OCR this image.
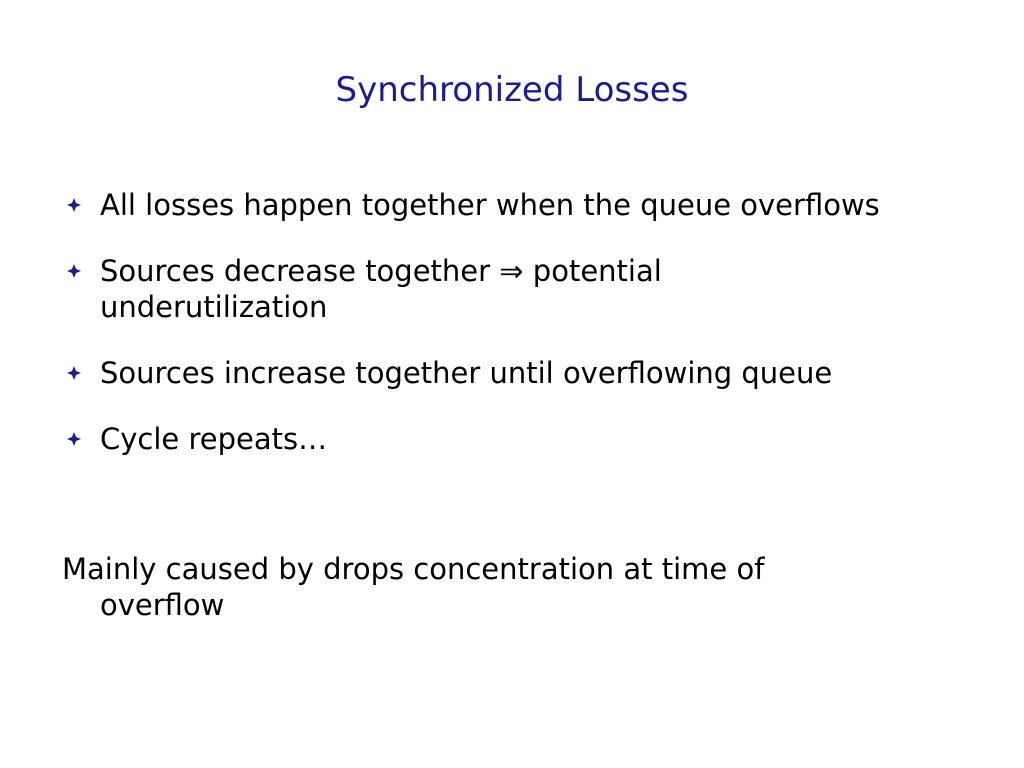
Synchronized Losses
All losses happen together when the queue overflows
Sources decrease together ⇒ potential underutilization
Sources increase together until overflowing queue
Cycle repeats…
Mainly caused by drops concentration at time of
overflow
